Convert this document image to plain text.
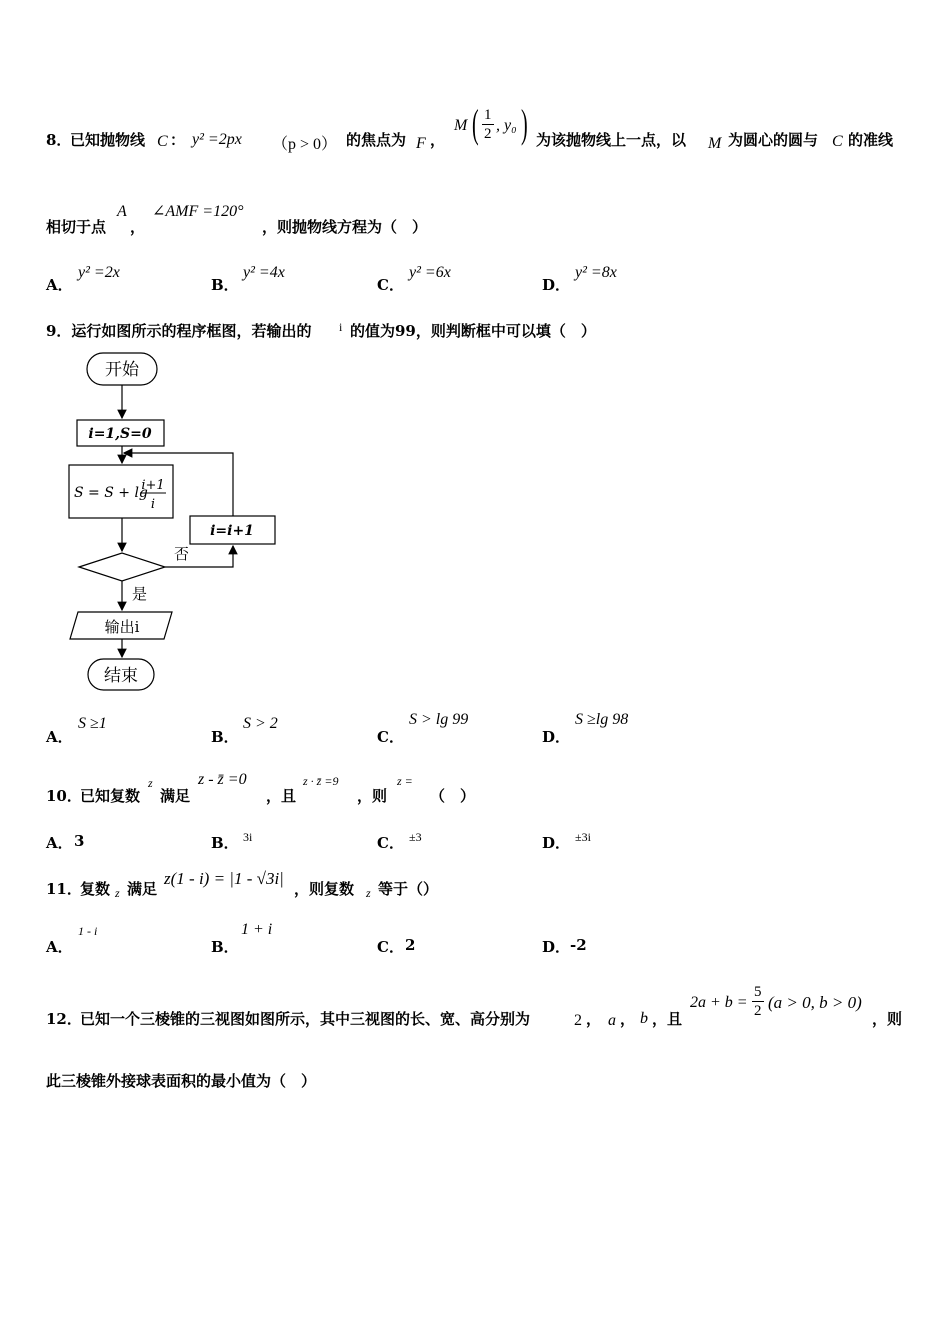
8．
已知抛物线 C ： y² =2px （p > 0） 的焦点为 F ，
M ( $\frac{1}{2}$ , y₀ ) 为该抛物线上一点，以 M 为圆心的圆与 C 的准线
相切于点
A
，
∠AMF =120°
，则抛物线方程为（　）
A．
y² =2x
B．
y² =4x
C．
y² =6x
D．
y² =8x
9．运行如图所示的程序框图，若输出的 i 的值为99，则判断框中可以填（　）
开始
i=1,S=0
S = S + lg
i+1
i
i=i+1
否
是
输出i
结束
A．
S ≥1
B．
S > 2
C．
S > lg 99
D．
S ≥lg 98
10．
已知复数
z
满足
z - z̄ =0
，且
z · z̄ =9
，则
z =
（　）
A． 3	B． 3i	C． ±3	D． ±3i
11．
复数 z 满足
z(1 - i) = |1 - √3i|
，则复数 z 等于（）
A．
1 - i
B．
1 + i
C． 2	D． -2
12．
已知一个三棱锥的三视图如图所示，其中三视图的长、宽、高分别为	2 ， a ， b ，且
$2a + b = \frac{5}{2} (a > 0$, b > 0)
，则
此三棱锥外接球表面积的最小值为（　）
